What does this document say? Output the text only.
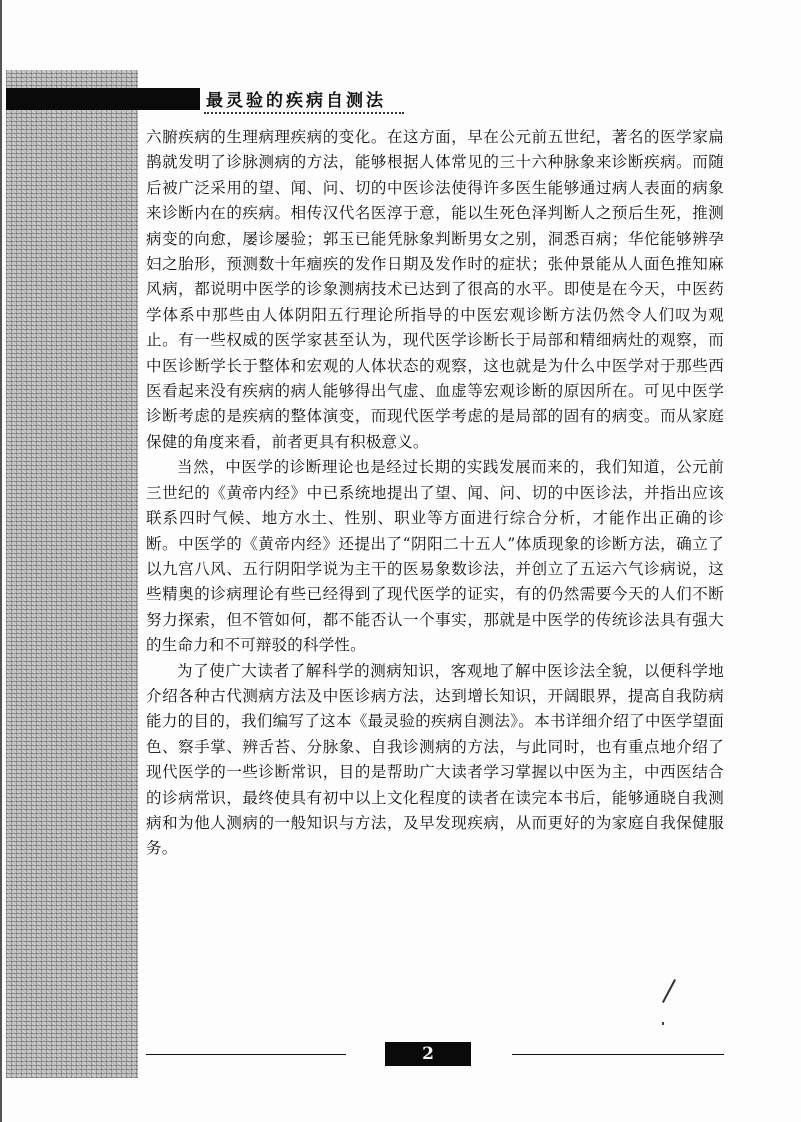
最灵验的疾病自测法

六腑疾病的生理病理疾病的变化。在这方面，早在公元前五世纪，著名的医学家扁鹊就发明了诊脉测病的方法，能够根据人体常见的三十六种脉象来诊断疾病。而随后被广泛采用的望、闻、问、切的中医诊法使得许多医生能够通过病人表面的病象来诊断内在的疾病。相传汉代名医淳于意，能以生死色泽判断人之预后生死，推测病变的向愈，屡诊屡验；郭玉已能凭脉象判断男女之别，洞悉百病；华佗能够辨孕妇之胎形，预测数十年痼疾的发作日期及发作时的症状；张仲景能从人面色推知麻风病，都说明中医学的诊象测病技术已达到了很高的水平。即使是在今天，中医药学体系中那些由人体阴阳五行理论所指导的中医宏观诊断方法仍然令人们叹为观止。有一些权威的医学家甚至认为，现代医学诊断长于局部和精细病灶的观察，而中医诊断学长于整体和宏观的人体状态的观察，这也就是为什么中医学对于那些西医看起来没有疾病的病人能够得出气虚、血虚等宏观诊断的原因所在。可见中医学诊断考虑的是疾病的整体演变，而现代医学考虑的是局部的固有的病变。而从家庭保健的角度来看，前者更具有积极意义。

当然，中医学的诊断理论也是经过长期的实践发展而来的，我们知道，公元前三世纪的《黄帝内经》中已系统地提出了望、闻、问、切的中医诊法，并指出应该联系四时气候、地方水土、性别、职业等方面进行综合分析，才能作出正确的诊断。中医学的《黄帝内经》还提出了“阴阳二十五人”体质现象的诊断方法，确立了以九宫八风、五行阴阳学说为主干的医易象数诊法，并创立了五运六气诊病说，这些精奥的诊病理论有些已经得到了现代医学的证实，有的仍然需要今天的人们不断努力探索，但不管如何，都不能否认一个事实，那就是中医学的传统诊法具有强大的生命力和不可辩驳的科学性。

为了使广大读者了解科学的测病知识，客观地了解中医诊法全貌，以便科学地介绍各种古代测病方法及中医诊病方法，达到增长知识，开阔眼界，提高自我防病能力的目的，我们编写了这本《最灵验的疾病自测法》。本书详细介绍了中医学望面色、察手掌、辨舌苔、分脉象、自我诊测病的方法，与此同时，也有重点地介绍了现代医学的一些诊断常识，目的是帮助广大读者学习掌握以中医为主，中西医结合的诊病常识，最终使具有初中以上文化程度的读者在读完本书后，能够通晓自我测病和为他人测病的一般知识与方法，及早发现疾病，从而更好的为家庭自我保健服务。

2
